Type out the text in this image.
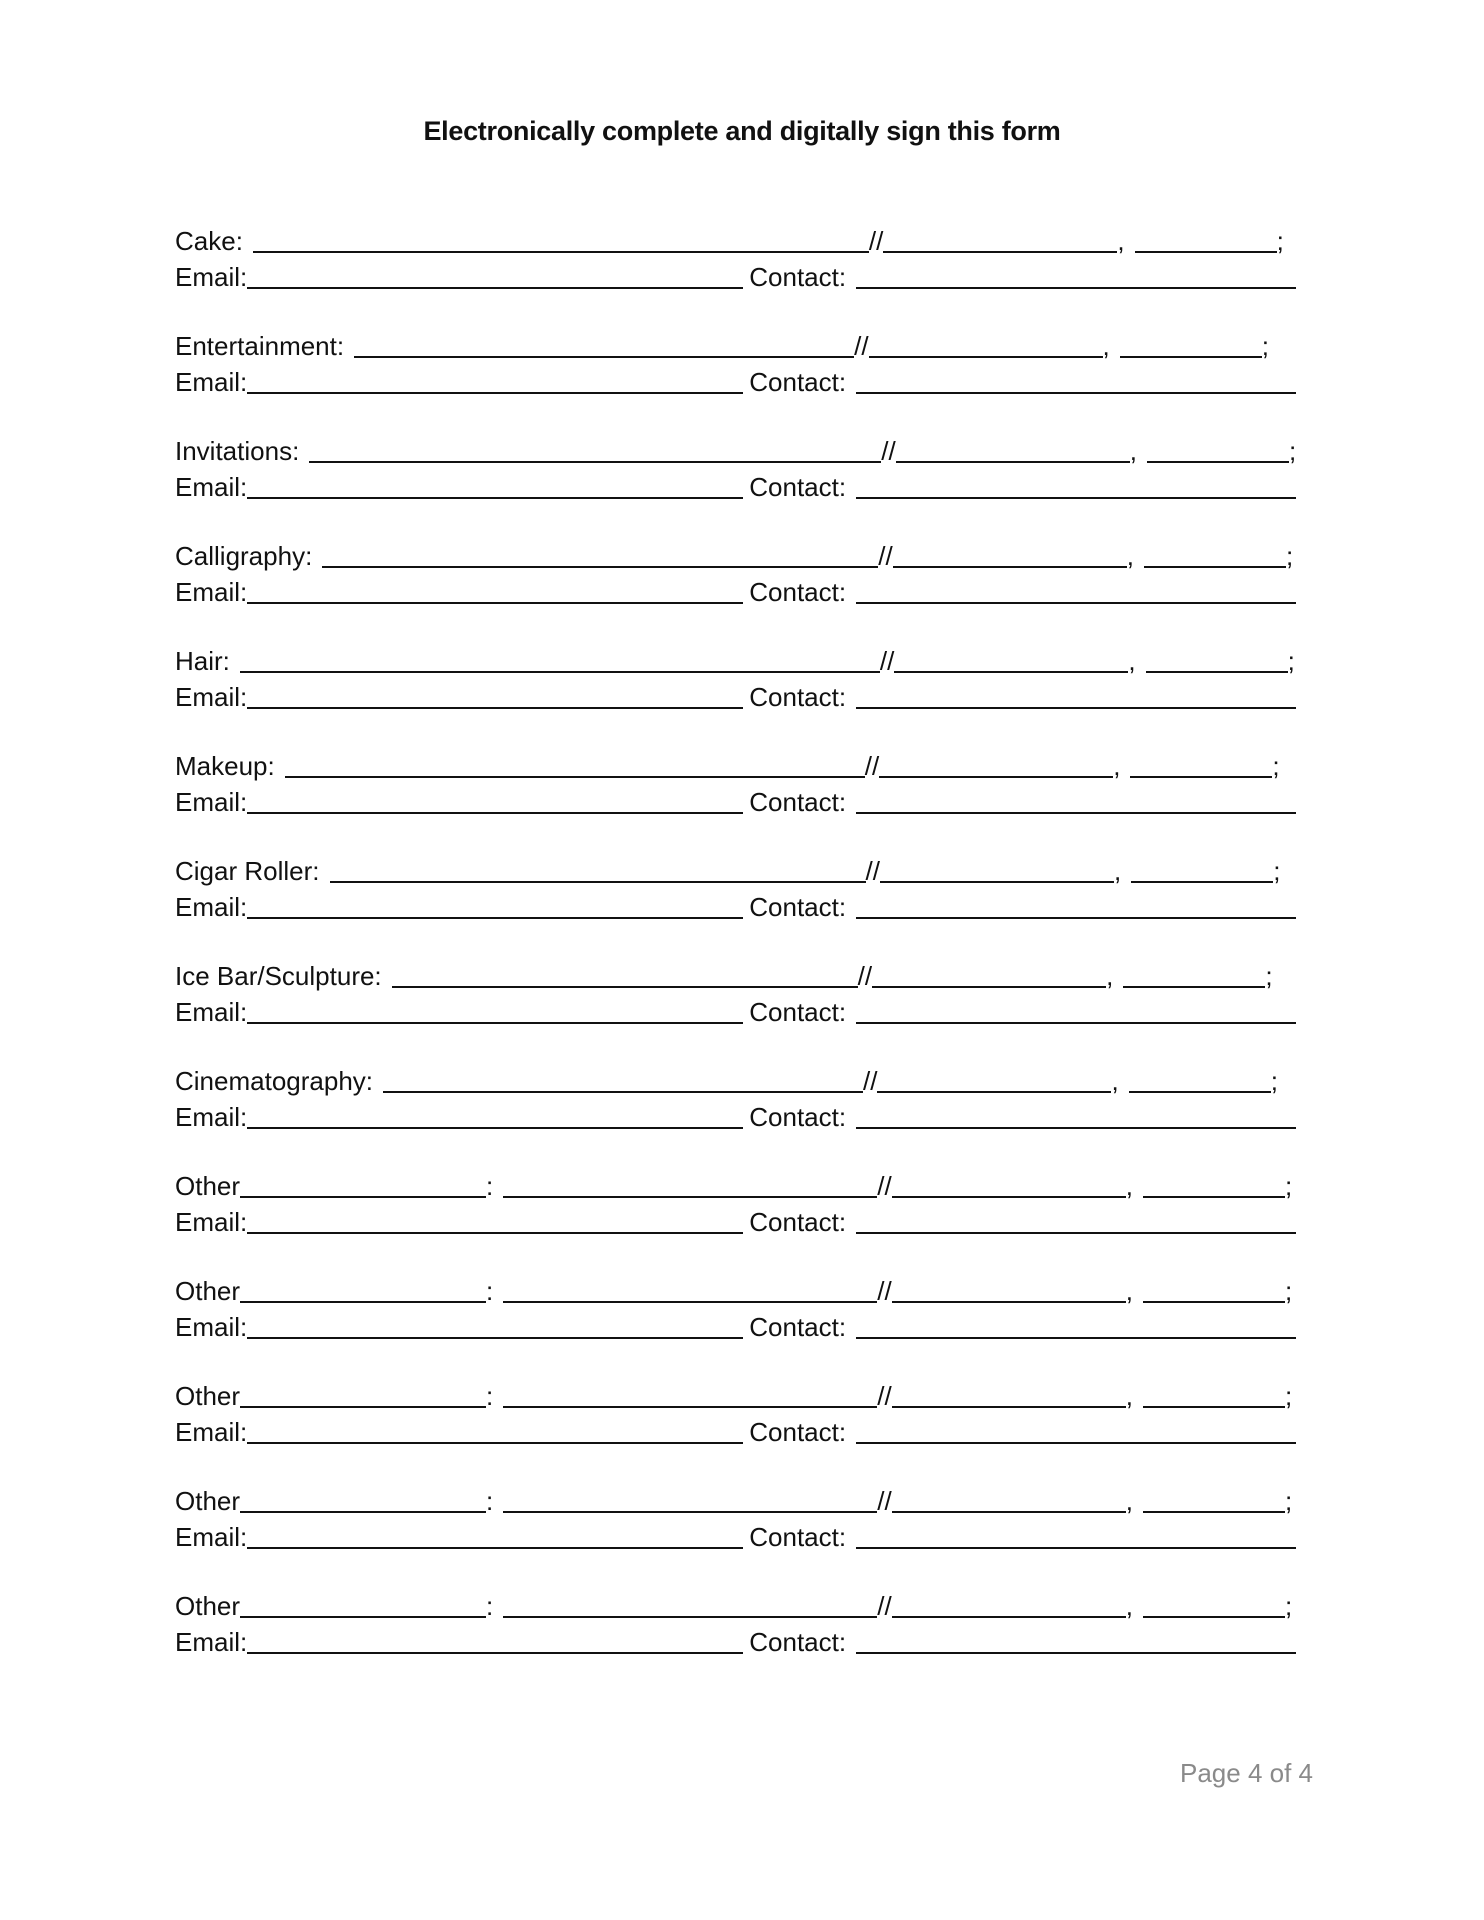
Electronically complete and digitally sign this form
Cake:	//	,	;
Email:	Contact:
Entertainment:	//	,	;
Email:	Contact:
Invitations:	//	,	;
Email:	Contact:
Calligraphy:	//	,	;
Email:	Contact:
Hair:	//	,	;
Email:	Contact:
Makeup:	//	,	;
Email:	Contact:
Cigar Roller:	//	,	;
Email:	Contact:
Ice Bar/Sculpture:	//	,	;
Email:	Contact:
Cinematography:	//	,	;
Email:	Contact:
Other	:	//	,	;
Email:	Contact:
Other	:	//	,	;
Email:	Contact:
Other	:	//	,	;
Email:	Contact:
Other	:	//	,	;
Email:	Contact:
Other	:	//	,	;
Email:	Contact:
Page 4 of 4
